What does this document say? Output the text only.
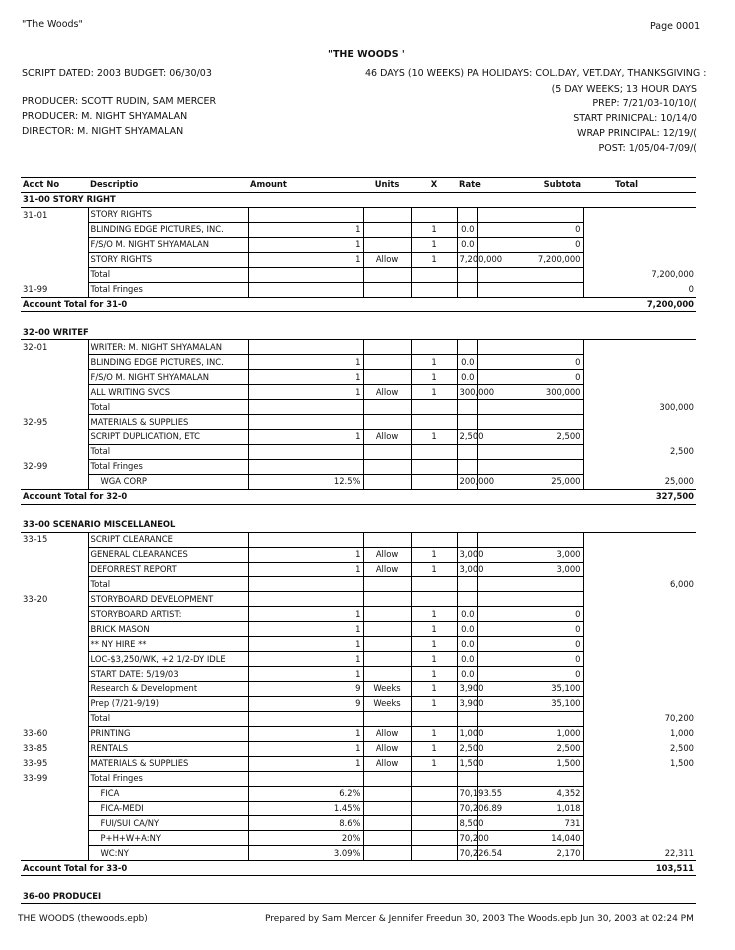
"The Woods"	Page 0001
"THE WOODS '
SCRIPT DATED: 2003 BUDGET: 06/30/03	46 DAYS (10 WEEKS) PA HOLIDAYS: COL.DAY, VET.DAY, THANKSGIVING :
(5 DAY WEEKS; 13 HOUR DAYS
PRODUCER: SCOTT RUDIN, SAM MERCER	PREP: 7/21/03-10/10/(
PRODUCER: M. NIGHT SHYAMALAN	START PRINICPAL: 10/14/0
DIRECTOR: M. NIGHT SHYAMALAN	WRAP PRINCIPAL: 12/19/(
POST: 1/05/04-7/09/(
Acct No	Descriptio	Amount	Units	X	Rate	Subtota	Total	
31-00 STORY RIGHT								
31-01	STORY RIGHTS							
	BLINDING EDGE PICTURES, INC.	1		1	0.0	0		
	F/S/O M. NIGHT SHYAMALAN	1		1	0.0	0		
	STORY RIGHTS	1	Allow	1	7,200,000	7,200,000		
	Total						7,200,000	
31-99	Total Fringes						0	
Account Total for 31-0							7,200,000	

32-00 WRITEF								
32-01	WRITER: M. NIGHT SHYAMALAN							
	BLINDING EDGE PICTURES, INC.	1		1	0.0	0		
	F/S/O M. NIGHT SHYAMALAN	1		1	0.0	0		
	ALL WRITING SVCS	1	Allow	1	300,000	300,000		
	Total						300,000	
32-95	MATERIALS & SUPPLIES							
	SCRIPT DUPLICATION, ETC	1	Allow	1	2,500	2,500		
	Total						2,500	
32-99	Total Fringes							
	WGA CORP	12.5%			200,000	25,000	25,000	
Account Total for 32-0							327,500	

33-00 SCENARIO MISCELLANEOL								
33-15	SCRIPT CLEARANCE							
	GENERAL CLEARANCES	1	Allow	1	3,000	3,000		
	DEFORREST REPORT	1	Allow	1	3,000	3,000		
	Total						6,000	
33-20	STORYBOARD DEVELOPMENT							
	STORYBOARD ARTIST:	1		1	0.0	0		
	BRICK MASON	1		1	0.0	0		
	** NY HIRE **	1		1	0.0	0		
	LOC-$3,250/WK, +2 1/2-DY IDLE	1		1	0.0	0		
	START DATE: 5/19/03	1		1	0.0	0		
	Research & Development	9	Weeks	1	3,900	35,100		
	Prep (7/21-9/19)	9	Weeks	1	3,900	35,100		
	Total						70,200	
33-60	PRINTING	1	Allow	1	1,000	1,000	1,000	
33-85	RENTALS	1	Allow	1	2,500	2,500	2,500	
33-95	MATERIALS & SUPPLIES	1	Allow	1	1,500	1,500	1,500	
33-99	Total Fringes							
	FICA	6.2%			70,193.55	4,352		
	FICA-MEDI	1.45%			70,206.89	1,018		
	FUI/SUI CA/NY	8.6%			8,500	731		
	P+H+W+A:NY	20%			70,200	14,040		
	WC:NY	3.09%			70,226.54	2,170	22,311	
Account Total for 33-0							103,511	

36-00 PRODUCEI								

THE WOODS (thewoods.epb)	Prepared by Sam Mercer & Jennifer Freedun 30, 2003 The Woods.epb Jun 30, 2003 at 02:24 PM
